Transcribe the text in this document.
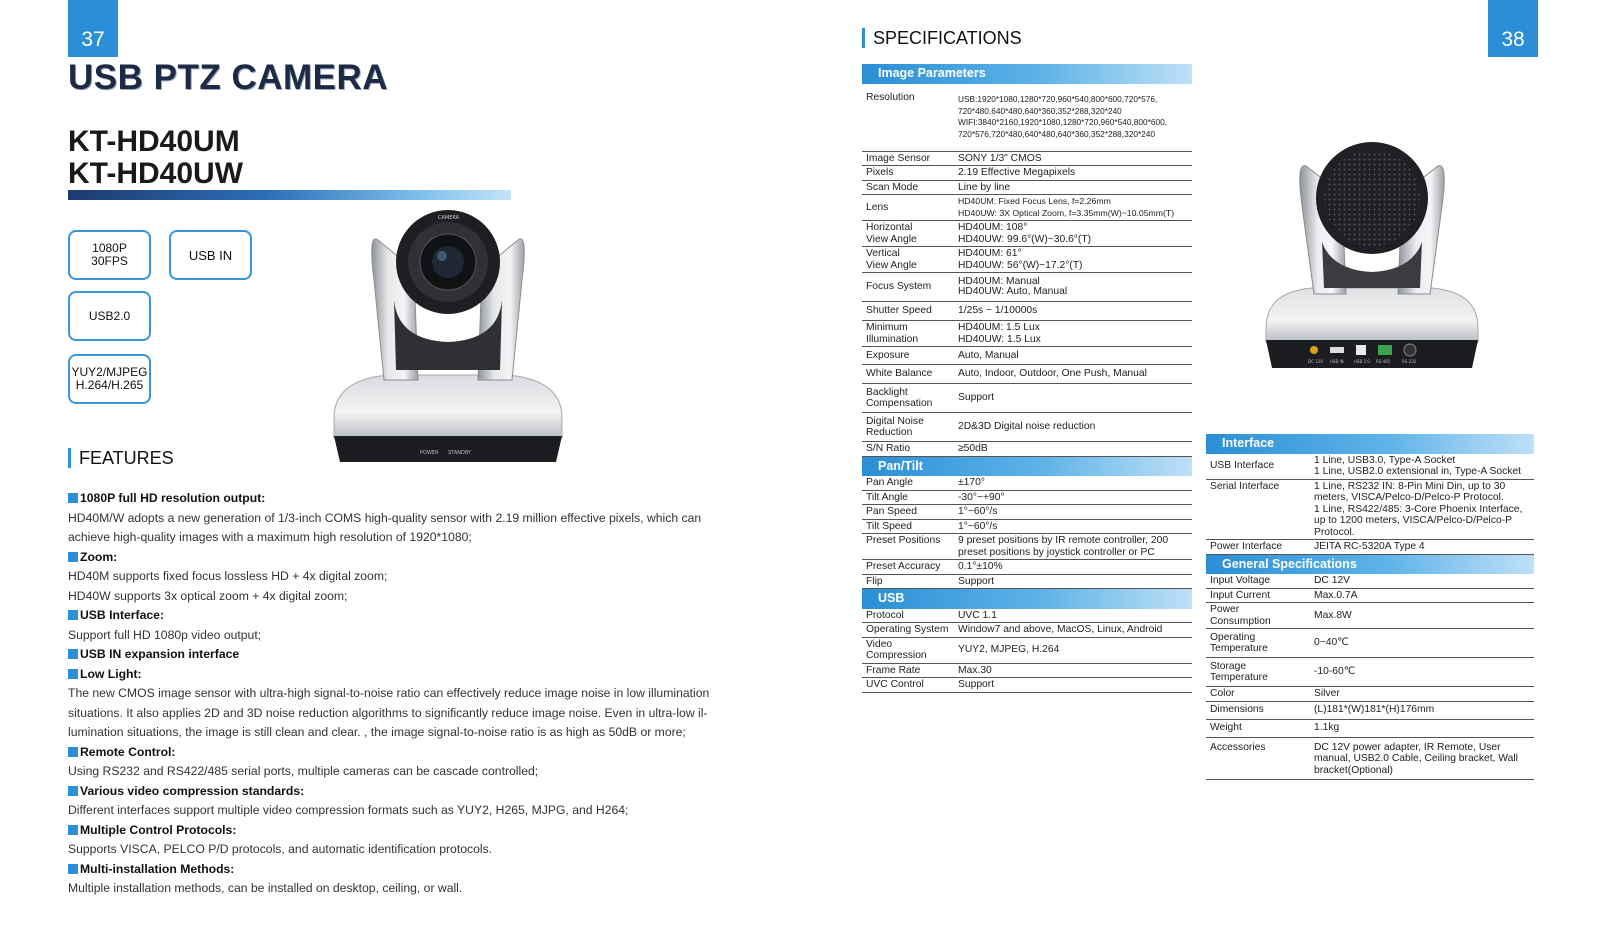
37
USB PTZ CAMERA
KT-HD40UM
KT-HD40UW
1080P
30FPS	USB IN
USB2.0
YUY2/MJPEG
H.264/H.265
POWER STANDBY
CAMERA
FEATURES
1080P full HD resolution output:
HD40M/W adopts a new generation of 1/3-inch COMS high-quality sensor with 2.19 million effective pixels, which can
achieve high-quality images with a maximum high resolution of 1920*1080;
Zoom:
HD40M supports fixed focus lossless HD + 4x digital zoom;
HD40W supports 3x optical zoom + 4x digital zoom;
USB Interface:
Support full HD 1080p video output;
USB IN expansion interface
Low Light:
The new CMOS image sensor with ultra-high signal-to-noise ratio can effectively reduce image noise in low illumination
situations. It also applies 2D and 3D noise reduction algorithms to significantly reduce image noise. Even in ultra-low il-
lumination situations, the image is still clean and clear. , the image signal-to-noise ratio is as high as 50dB or more;
Remote Control:
Using RS232 and RS422/485 serial ports, multiple cameras can be cascade controlled;
Various video compression standards:
Different interfaces support multiple video compression formats such as YUY2, H265, MJPG, and H264;
Multiple Control Protocols:
Supports VISCA, PELCO P/D protocols, and automatic identification protocols.
Multi-installation Methods:
Multiple installation methods, can be installed on desktop, ceiling, or wall.
38
SPECIFICATIONS
Image Parameters	
Resolution	USB:1920*1080,1280*720,960*540,800*600,720*576,
720*480,640*480,640*360,352*288,320*240
WIFI:3840*2160,1920*1080,1280*720,960*540,800*600,
720*576,720*480,640*480,640*360,352*288,320*240
Image Sensor	SONY 1/3" CMOS
Pixels	2.19 Effective Megapixels
Scan Mode	Line by line
Lens	HD40UM: Fixed Focus Lens, f=2.26mm
HD40UW: 3X Optical Zoom, f=3.35mm(W)~10.05mm(T)
Horizontal
View Angle	HD40UM: 108°
HD40UW: 99.6°(W)~30.6°(T)
Vertical
View Angle	HD40UM: 61°
HD40UW: 56°(W)~17.2°(T)
Focus System	HD40UM: Manual
HD40UW: Auto, Manual
Shutter Speed	1/25s ~ 1/10000s
Minimum
Illumination	HD40UM: 1.5 Lux
HD40UW: 1.5 Lux
Exposure	Auto, Manual
White Balance	Auto, Indoor, Outdoor, One Push, Manual
Backlight
Compensation	Support
Digital Noise
Reduction	2D&3D Digital noise reduction
S/N Ratio	≥50dB
Pan/Tilt	
Pan Angle	±170°
Tilt Angle	-30°~+90°
Pan Speed	1°~60°/s
Tilt Speed	1°~60°/s
Preset Positions	9 preset positions by IR remote controller, 200
preset positions by joystick controller or PC
Preset Accuracy	0.1°±10%
Flip	Support
USB	
Protocol	UVC 1.1
Operating System	Window7 and above, MacOS, Linux, Android
Video
Compression	YUY2, MJPEG, H.264
Frame Rate	Max.30
UVC Control	Support
DC 12V USB IN	USB 2.0 RS-485	RS-232
Interface	
USB Interface	1 Line, USB3.0, Type-A Socket
1 Line, USB2.0 extensional in, Type-A Socket
Serial Interface	1 Line, RS232 IN: 8-Pin Mini Din, up to 30
meters, VISCA/Pelco-D/Pelco-P Protocol.
1 Line, RS422/485: 3-Core Phoenix Interface,
up to 1200 meters, VISCA/Pelco-D/Pelco-P
Protocol.
Power Interface	JEITA RC-5320A Type 4
General Specifications	
Input Voltage	DC 12V
Input Current	Max.0.7A
Power
Consumption	Max.8W
Operating
Temperature	0~40℃
Storage
Temperature	-10-60℃
Color	Silver
Dimensions	(L)181*(W)181*(H)176mm
Weight	1.1kg
Accessories	DC 12V power adapter, IR Remote, User
manual, USB2.0 Cable, Ceiling bracket, Wall
bracket(Optional)
